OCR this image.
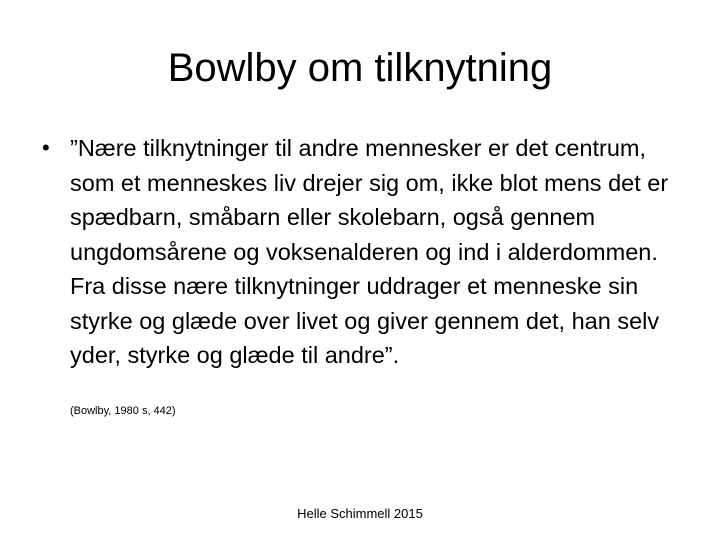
Bowlby om tilknytning
• ”Nære tilknytninger til andre mennesker er det centrum, som et menneskes liv drejer sig om, ikke blot mens det er spædbarn, småbarn eller skolebarn, også gennem ungdomsårene og voksenalderen og ind i alderdommen. Fra disse nære tilknytninger uddrager et menneske sin styrke og glæde over livet og giver gennem det, han selv yder, styrke og glæde til andre”.
(Bowlby, 1980 s, 442)
Helle Schimmell 2015
